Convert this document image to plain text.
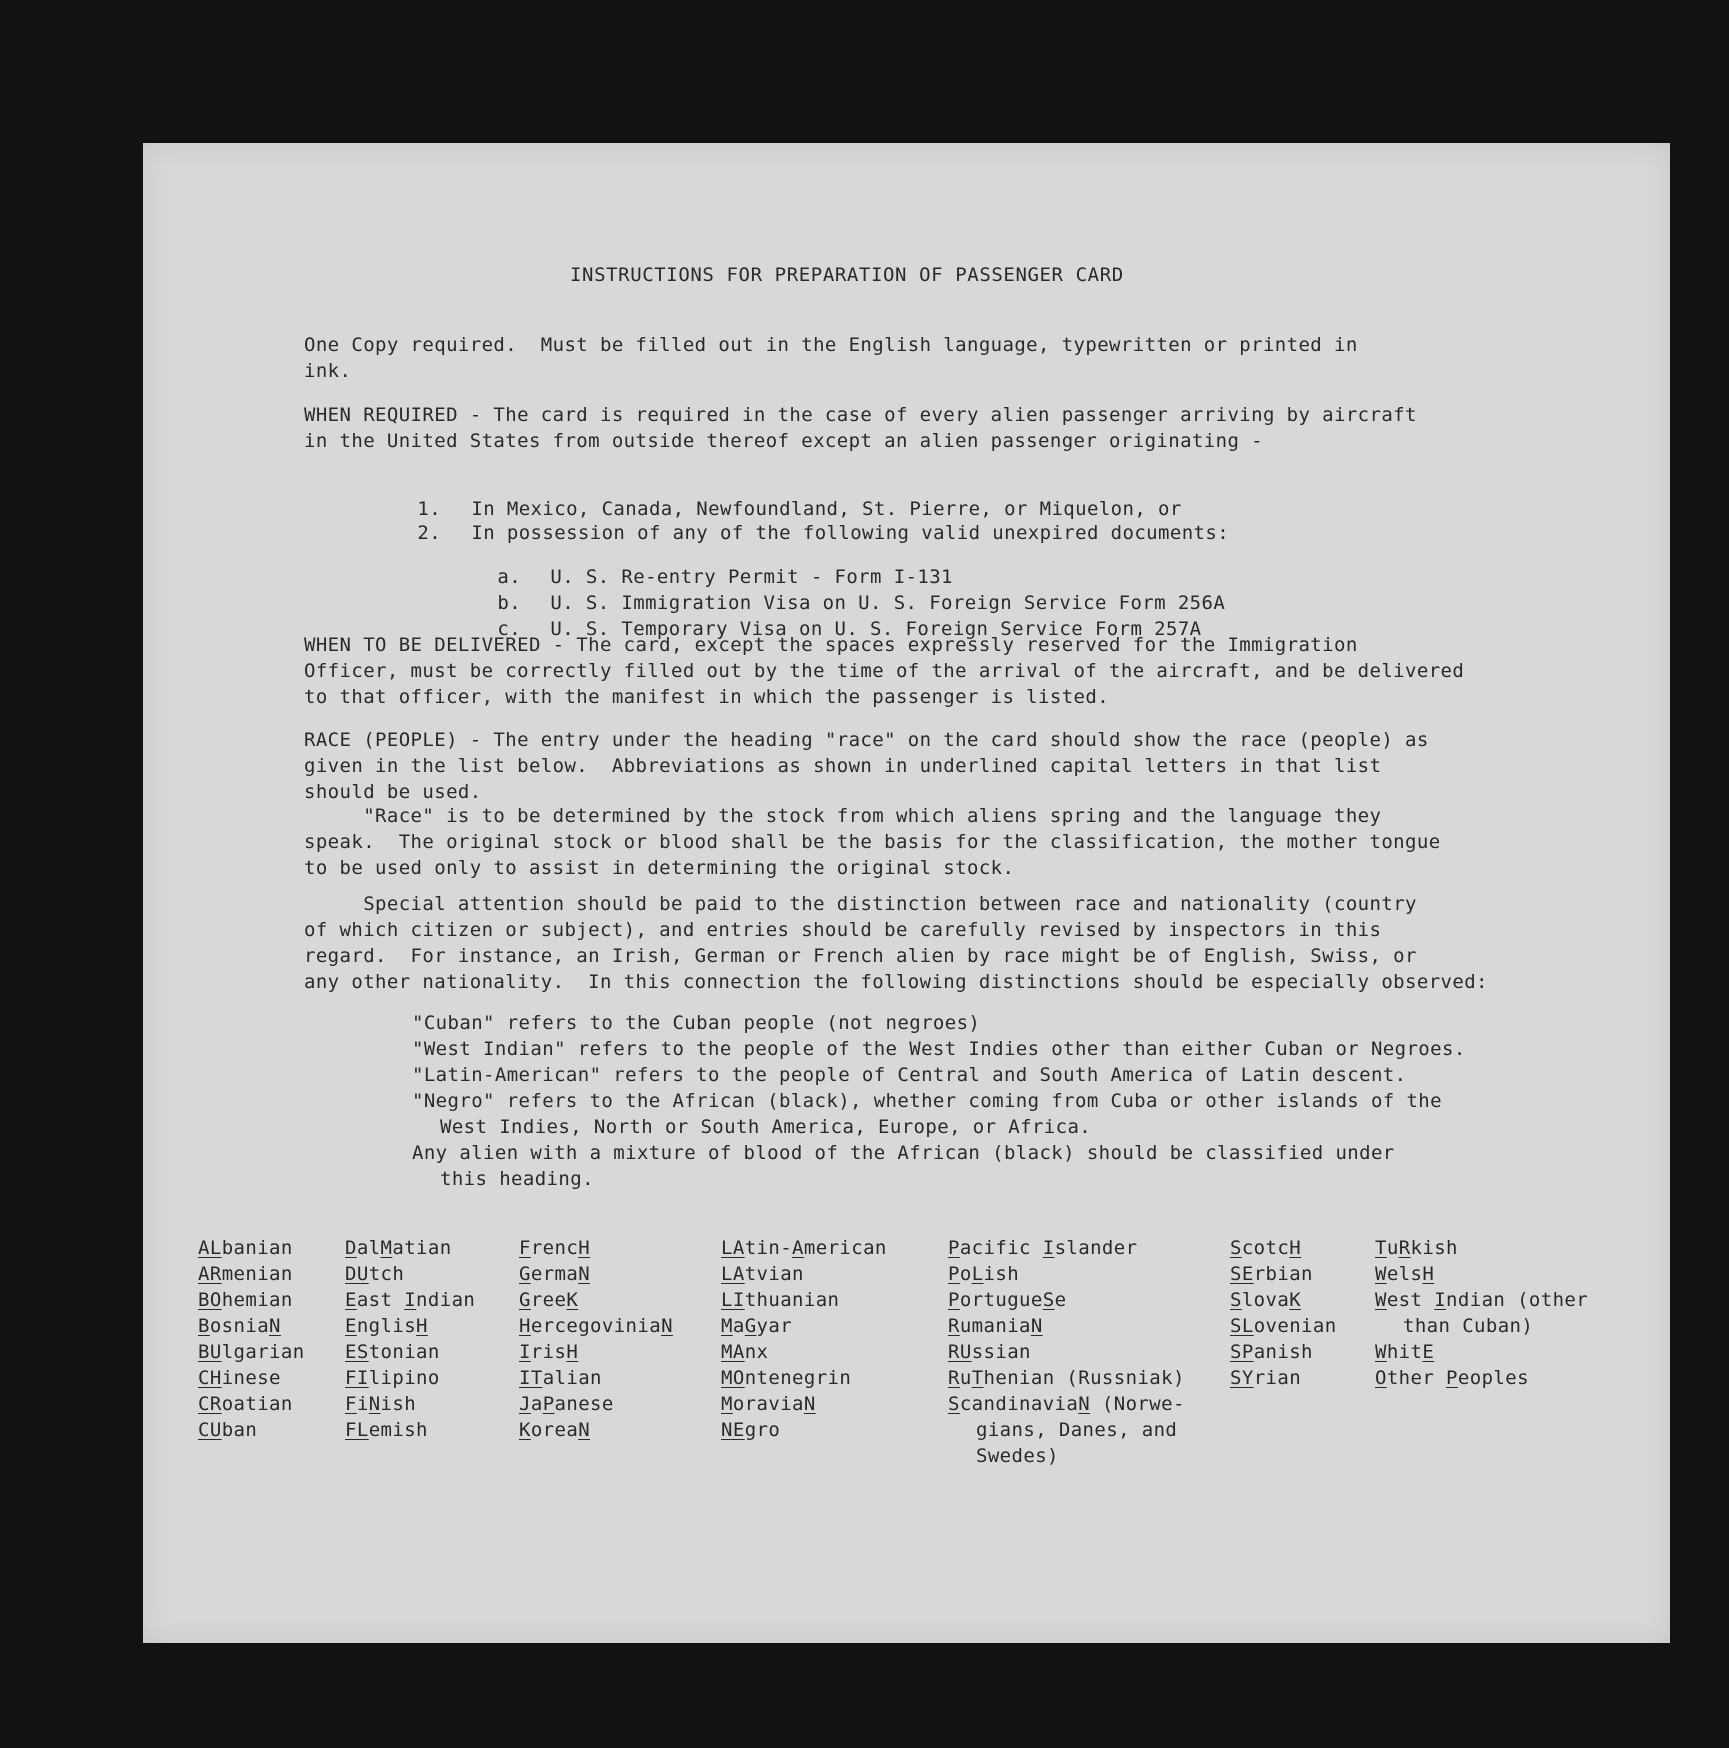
INSTRUCTIONS FOR PREPARATION OF PASSENGER CARD
One Copy required.  Must be filled out in the English language, typewritten or printed in
ink.
WHEN REQUIRED - The card is required in the case of every alien passenger arriving by aircraft
in the United States from outside thereof except an alien passenger originating -

1. In Mexico, Canada, Newfoundland, St. Pierre, or Miquelon, or

2. In possession of any of the following valid unexpired documents:

a. U. S. Re-entry Permit - Form I-131

b. U. S. Immigration Visa on U. S. Foreign Service Form 256A

c. U. S. Temporary Visa on U. S. Foreign Service Form 257A

WHEN TO BE DELIVERED - The card, except the spaces expressly reserved for the Immigration
Officer, must be correctly filled out by the time of the arrival of the aircraft, and be delivered
to that officer, with the manifest in which the passenger is listed.
RACE (PEOPLE) - The entry under the heading "race" on the card should show the race (people) as
given in the list below.  Abbreviations as shown in underlined capital letters in that list
should be used.
"Race" is to be determined by the stock from which aliens spring and the language they
speak.  The original stock or blood shall be the basis for the classification, the mother tongue
to be used only to assist in determining the original stock.
Special attention should be paid to the distinction between race and nationality (country
of which citizen or subject), and entries should be carefully revised by inspectors in this
regard.  For instance, an Irish, German or French alien by race might be of English, Swiss, or
any other nationality.  In this connection the following distinctions should be especially observed:
"Cuban" refers to the Cuban people (not negroes)
"West Indian" refers to the people of the West Indies other than either Cuban or Negroes.
"Latin-American" refers to the people of Central and South America of Latin descent.
"Negro" refers to the African (black), whether coming from Cuba or other islands of the
West Indies, North or South America, Europe, or Africa.
Any alien with a mixture of blood of the African (black) should be classified under
this heading.
ALbanian
ARmenian
BOhemian
BosniaN
BUlgarian
CHinese
CRoatian
CUban
DalMatian
DUtch
East Indian
EnglisH
EStonian
FIlipino
FiNish
FLemish
FrencH
GermaN
GreeK
HercegoviniaN
IrisH
ITalian
JaPanese
KoreaN
LAtin-American
LAtvian
LIthuanian
MaGyar
MAnx
MOntenegrin
MoraviaN
NEgro
Pacific Islander
PoLish
PortugueSe
RumaniaN
RUssian
RuThenian (Russniak)
ScandinaviaN (Norwe-
gians, Danes, and
Swedes)
ScotcH
SErbian
SlovaK
SLovenian
SPanish
SYrian
TuRkish
WelsH
West Indian (other
than Cuban)
WhitE
Other Peoples
